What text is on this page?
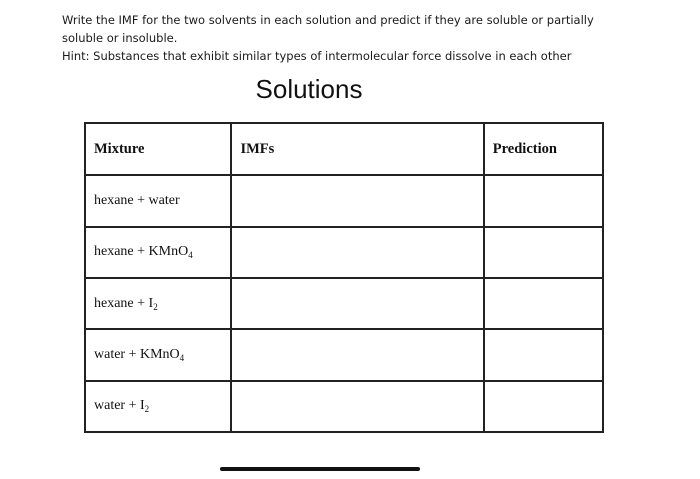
Write the IMF for the two solvents in each solution and predict if they are soluble or partially

soluble or insoluble.

Hint: Substances that exhibit similar types of intermolecular force dissolve in each other

Solutions
Mixture	IMFs	Prediction
hexane + water		
hexane + KMnO$_4$		
hexane + $I_2$		
water + KMnO$_4$		
water + $I_2$		
